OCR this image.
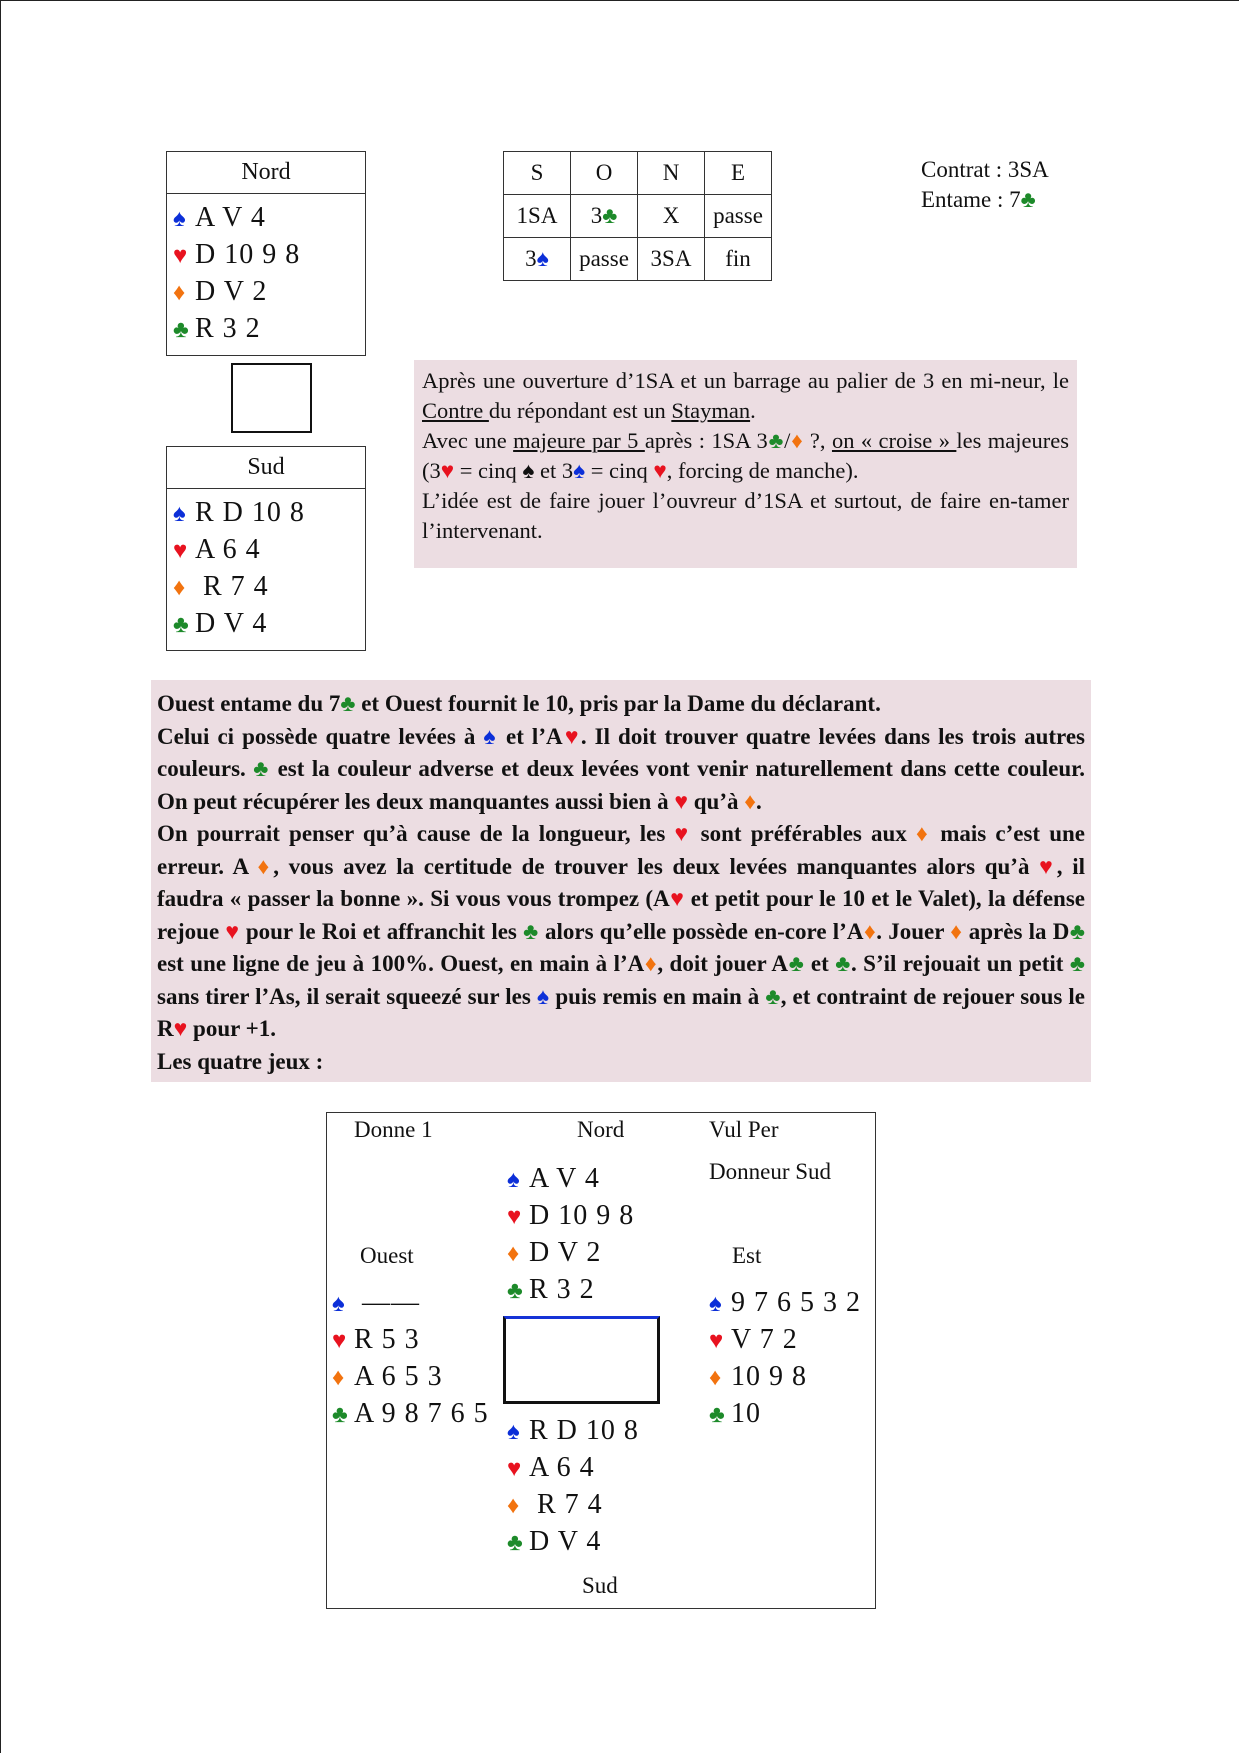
Nord
♠ A V 4
♥ D 10 9 8
♦ D V 2
♣ R 3 2
Sud
♠ R D 10 8
♥ A 6 4
♦ R 7 4
♣ D V 4
S	O	N	E
1SA	3♣	X	passe
3♠	passe	3SA	fin
Contrat : 3SA
Entame : 7♣
Après une ouverture d’1SA et un barrage au palier de 3 en mi-neur, le Contre du répondant est un Stayman.
Avec une majeure par 5 après : 1SA 3♣/♦ ?, on « croise » les majeures (3♥ = cinq ♠ et 3♠ = cinq ♥, forcing de manche).
L’idée est de faire jouer l’ouvreur d’1SA et surtout, de faire en-tamer l’intervenant.
Ouest entame du 7♣ et Ouest fournit le 10, pris par la Dame du déclarant.
Celui ci possède quatre levées à ♠ et l’A♥. Il doit trouver quatre levées dans les trois autres couleurs. ♣ est la couleur adverse et deux levées vont venir naturellement dans cette couleur. On peut récupérer les deux manquantes aussi bien à ♥ qu’à ♦.
On pourrait penser qu’à cause de la longueur, les ♥ sont préférables aux ♦ mais c’est une erreur. A ♦, vous avez la certitude de trouver les deux levées manquantes alors qu’à ♥, il faudra « passer la bonne ». Si vous vous trompez (A♥ et petit pour le 10 et le Valet), la défense rejoue ♥ pour le Roi et affranchit les ♣ alors qu’elle possède en-core l’A♦. Jouer ♦ après la D♣ est une ligne de jeu à 100%. Ouest, en main à l’A♦, doit jouer A♣ et ♣. S’il rejouait un petit ♣ sans tirer l’As, il serait squeezé sur les ♠ puis remis en main à ♣, et contraint de rejouer sous le R♥ pour +1.
Les quatre jeux :
Donne 1	Nord	Vul Per
Donneur Sud
Ouest	Est
Sud
♠ A V 4
♥ D 10 9 8
♦ D V 2
♣ R 3 2
♠ ——
♥ R 5 3
♦ A 6 5 3
♣ A 9 8 7 6 5
♠ 9 7 6 5 3 2
♥ V 7 2
♦ 10 9 8
♣ 10
♠ R D 10 8
♥ A 6 4
♦ R 7 4
♣ D V 4
